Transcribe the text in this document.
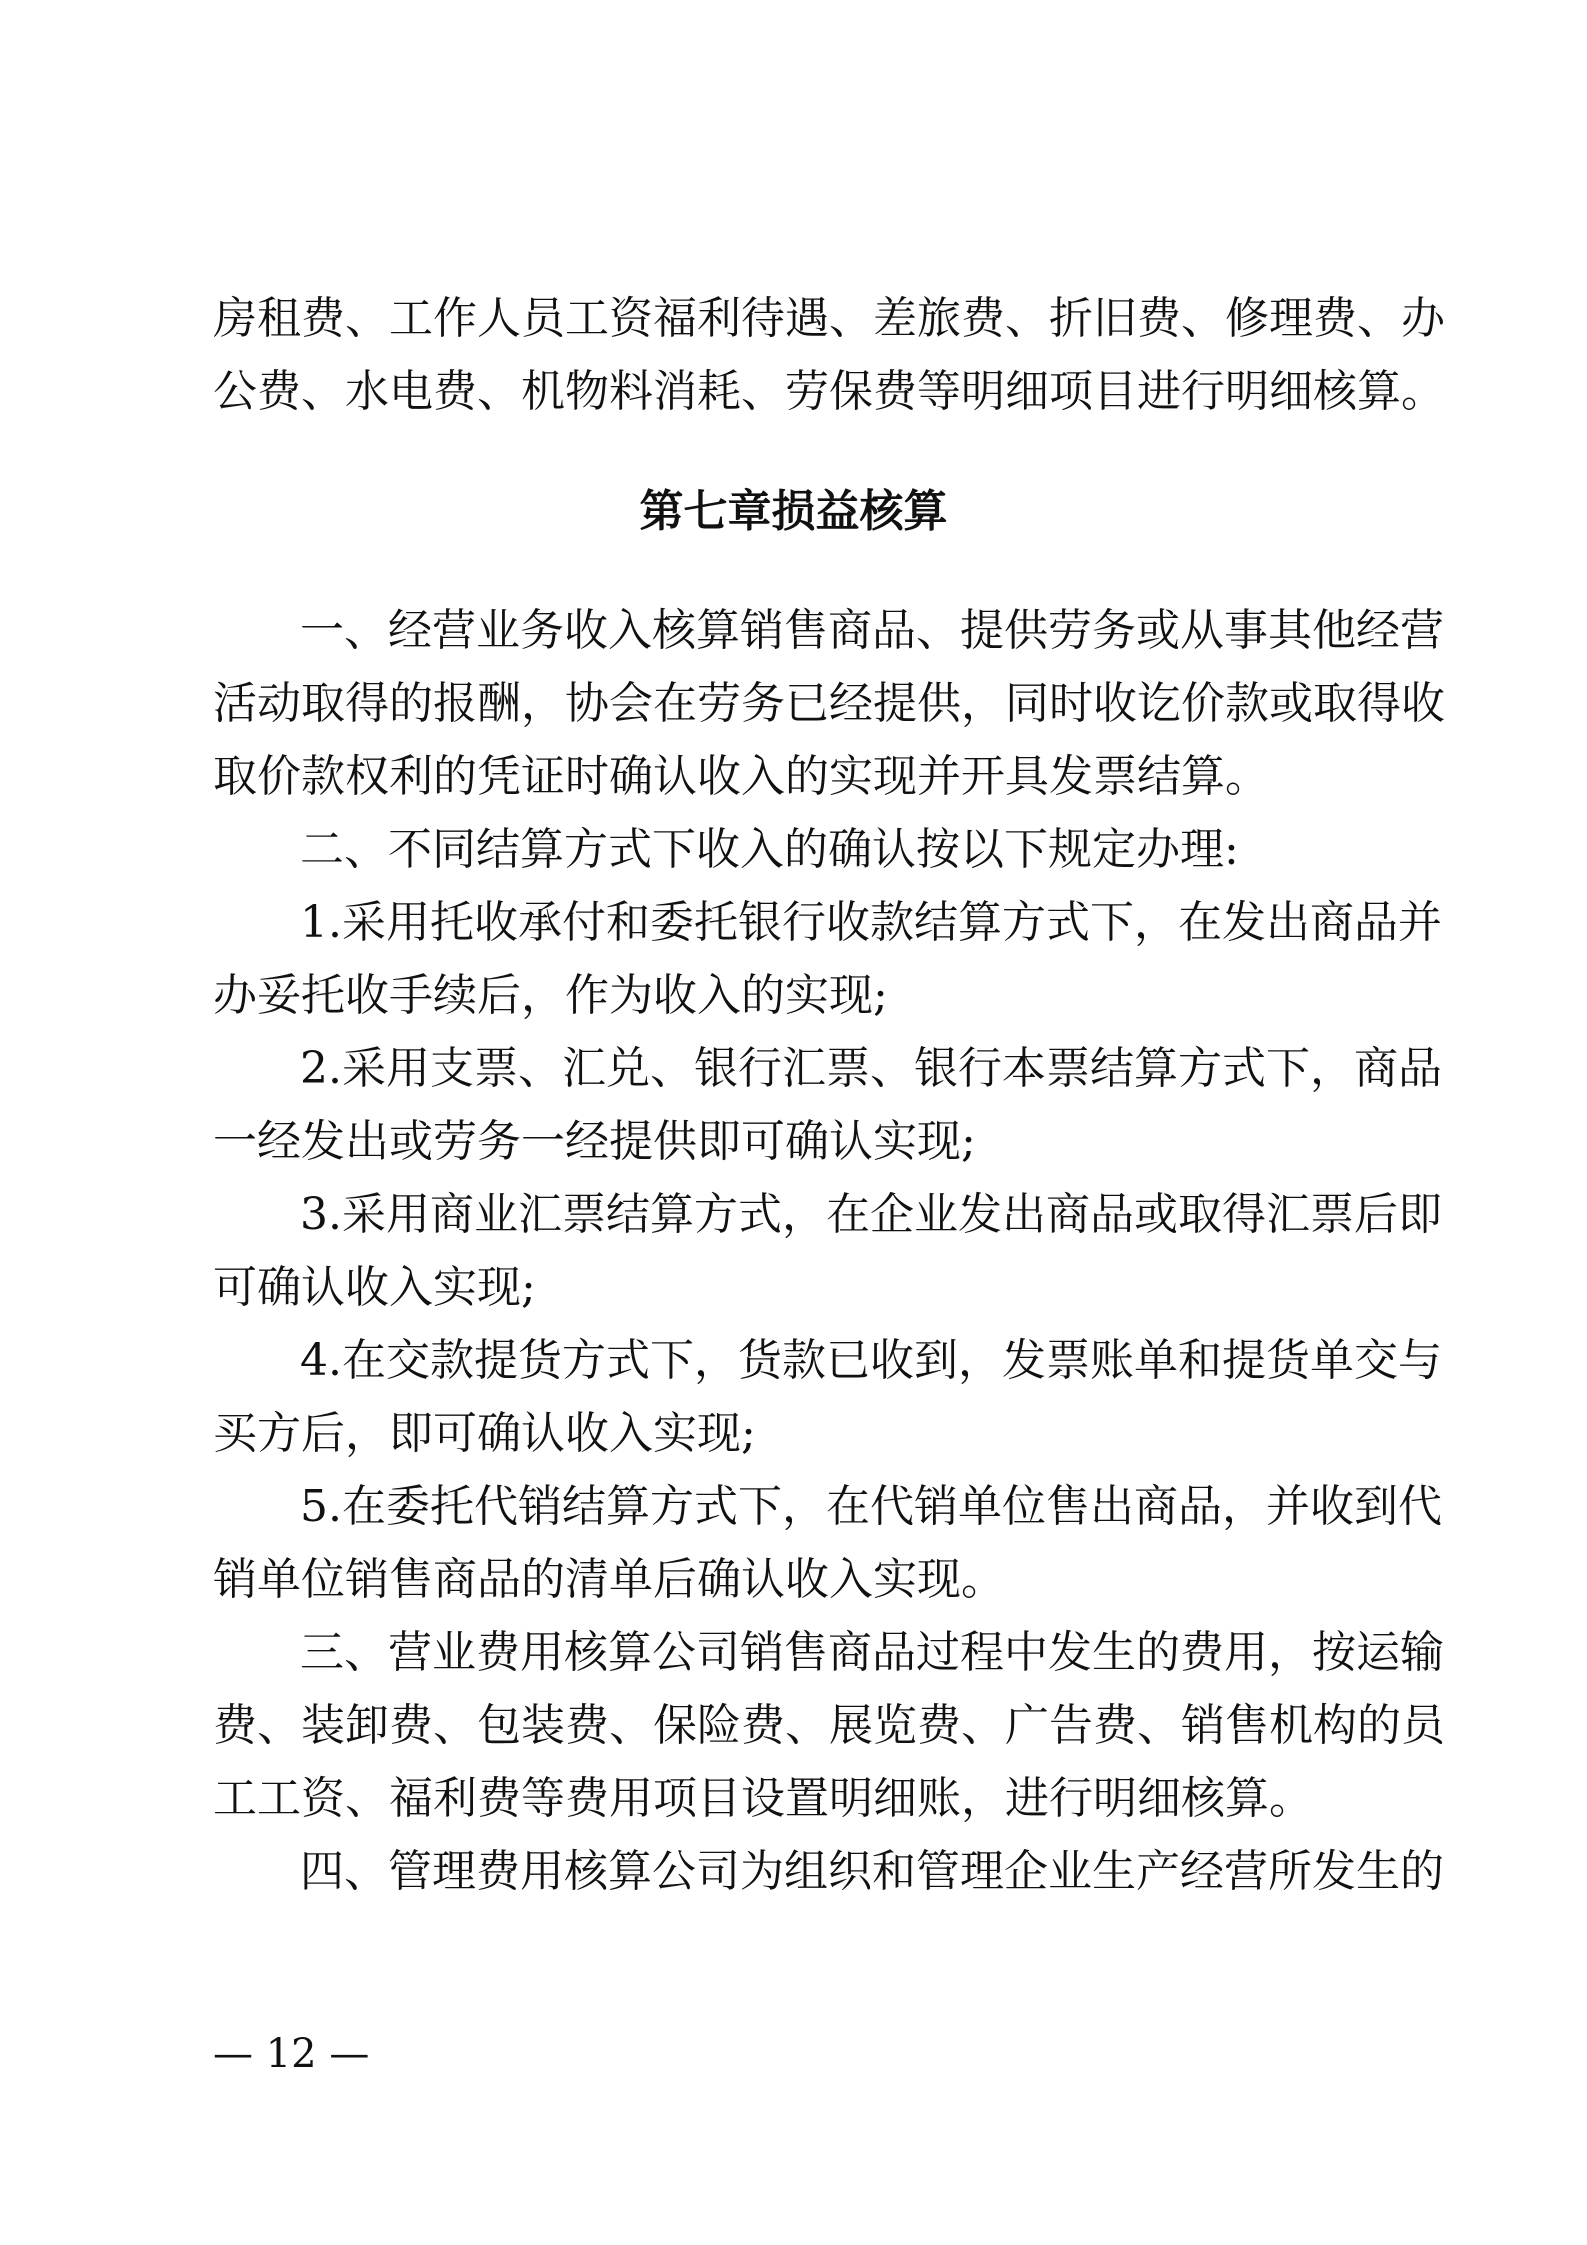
房租费、工作人员工资福利待遇、差旅费、折旧费、修理费、办
公费、水电费、机物料消耗、劳保费等明细项目进行明细核算。
第七章损益核算
一、经营业务收入核算销售商品、提供劳务或从事其他经营
活动取得的报酬，协会在劳务已经提供，同时收讫价款或取得收
取价款权利的凭证时确认收入的实现并开具发票结算。
二、不同结算方式下收入的确认按以下规定办理:
1.采用托收承付和委托银行收款结算方式下，在发出商品并
办妥托收手续后，作为收入的实现;
2.采用支票、汇兑、银行汇票、银行本票结算方式下，商品
一经发出或劳务一经提供即可确认实现;
3.采用商业汇票结算方式，在企业发出商品或取得汇票后即
可确认收入实现;
4.在交款提货方式下，货款已收到，发票账单和提货单交与
买方后，即可确认收入实现;
5.在委托代销结算方式下，在代销单位售出商品，并收到代
销单位销售商品的清单后确认收入实现。
三、营业费用核算公司销售商品过程中发生的费用，按运输
费、装卸费、包装费、保险费、展览费、广告费、销售机构的员
工工资、福利费等费用项目设置明细账，进行明细核算。
四、管理费用核算公司为组织和管理企业生产经营所发生的
— 12 —
